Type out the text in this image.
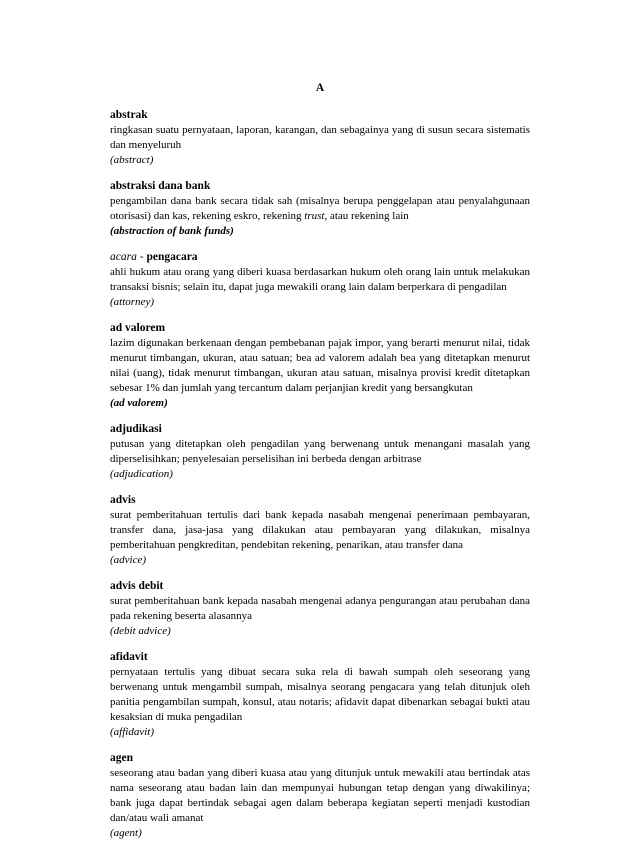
A
abstrak
ringkasan suatu pernyataan, laporan, karangan, dan sebagainya yang di susun secara sistematis dan menyeluruh
(abstract)
abstraksi dana bank
pengambilan dana bank secara tidak sah (misalnya berupa penggelapan atau penyalahgunaan otorisasi) dan kas, rekening eskro, rekening trust, atau rekening lain
(abstraction of bank funds)
acara - pengacara
ahli hukum atau orang yang diberi kuasa berdasarkan hukum oleh orang lain untuk melakukan transaksi bisnis; selain itu, dapat juga mewakili orang lain dalam berperkara di pengadilan
(attorney)
ad valorem
lazim digunakan berkenaan dengan pembebanan pajak impor, yang berarti menurut nilai, tidak menurut timbangan, ukuran, atau satuan; bea ad valorem adalah bea yang ditetapkan menurut nilai (uang), tidak menurut timbangan, ukuran atau satuan, misalnya provisi kredit ditetapkan sebesar 1% dan jumlah yang tercantum dalam perjanjian kredit yang bersangkutan
(ad valorem)
adjudikasi
putusan yang ditetapkan oleh pengadilan yang berwenang untuk menangani masalah yang diperselisihkan; penyelesaian perselisihan ini berbeda dengan arbitrase
(adjudication)
advis
surat pemberitahuan tertulis dari bank kepada nasabah mengenai penerimaan pembayaran, transfer dana, jasa-jasa yang dilakukan atau pembayaran yang dilakukan, misalnya pemberitahuan pengkreditan, pendebitan rekening, penarikan, atau transfer dana
(advice)
advis debit
surat pemberitahuan bank kepada nasabah mengenai adanya pengurangan atau perubahan dana pada rekening beserta alasannya
(debit advice)
afidavit
pernyataan tertulis yang dibuat secara suka rela di bawah sumpah oleh seseorang yang berwenang untuk mengambil sumpah, misalnya seorang pengacara yang telah ditunjuk oleh panitia pengambilan sumpah, konsul, atau notaris; afidavit dapat dibenarkan sebagai bukti atau kesaksian di muka pengadilan
(affidavit)
agen
seseorang atau badan yang diberi kuasa atau yang ditunjuk untuk mewakili atau bertindak atas nama seseorang atau badan lain dan mempunyai hubungan tetap dengan yang diwakilinya; bank juga dapat bertindak sebagai agen dalam beberapa kegiatan seperti menjadi kustodian dan/atau wali amanat
(agent)
